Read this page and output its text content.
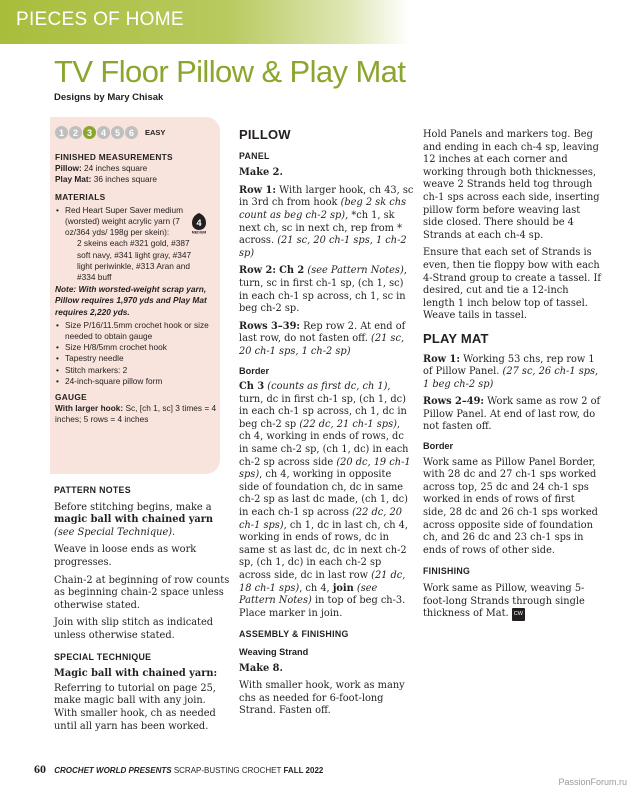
PIECES OF HOME
TV Floor Pillow & Play Mat
Designs by Mary Chisak
1 2 3 4 5 6	EASY
FINISHED MEASUREMENTS
Pillow: 24 inches square
Play Mat: 36 inches square
MATERIALS
• Red Heart Super Saver medium (worsted) weight acrylic yarn (7 oz/364 yds/ 198g per skein):
2 skeins each #321 gold, #387 soft navy, #341 light gray, #347 light periwinkle, #313 Aran and #334 buff
Note: With worsted-weight scrap yarn, Pillow requires 1,970 yds and Play Mat requires 2,220 yds.
• Size P/16/11.5mm crochet hook or size needed to obtain gauge
• Size H/8/5mm crochet hook
• Tapestry needle
• Stitch markers: 2
• 24-inch-square pillow form
GAUGE
With larger hook: Sc, [ch 1, sc] 3 times = 4 inches; 5 rows = 4 inches
4
MEDIUM
PATTERN NOTES

Before stitching begins, make a magic ball with chained yarn (see Special Technique).

Weave in loose ends as work progresses.

Chain-2 at beginning of row counts as beginning chain-2 space unless otherwise stated.

Join with slip stitch as indicated unless otherwise stated.

SPECIAL TECHNIQUE

Magic ball with chained yarn:

Referring to tutorial on page 25, make magic ball with any join. With smaller hook, ch as needed until all yarn has been worked.

PILLOW
PANEL

Make 2.

Row 1: With larger hook, ch 43, sc in 3rd ch from hook (beg 2 sk chs count as beg ch-2 sp), *ch 1, sk next ch, sc in next ch, rep from * across. (21 sc, 20 ch-1 sps, 1 ch-2 sp)

Row 2: Ch 2 (see Pattern Notes), turn, sc in first ch-1 sp, (ch 1, sc) in each ch-1 sp across, ch 1, sc in beg ch-2 sp.

Rows 3–39: Rep row 2. At end of last row, do not fasten off. (21 sc, 20 ch-1 sps, 1 ch-2 sp)

Border

Ch 3 (counts as first dc, ch 1), turn, dc in first ch-1 sp, (ch 1, dc) in each ch-1 sp across, ch 1, dc in beg ch-2 sp (22 dc, 21 ch-1 sps), ch 4, working in ends of rows, dc in same ch-2 sp, (ch 1, dc) in each ch-2 sp across side (20 dc, 19 ch-1 sps), ch 4, working in opposite side of foundation ch, dc in same ch-2 sp as last dc made, (ch 1, dc) in each ch-1 sp across (22 dc, 20 ch-1 sps), ch 1, dc in last ch, ch 4, working in ends of rows, dc in same st as last dc, dc in next ch-2 sp, (ch 1, dc) in each ch-2 sp across side, dc in last row (21 dc, 18 ch-1 sps), ch 4, join (see Pattern Notes) in top of beg ch-3. Place marker in join.

ASSEMBLY & FINISHING
Weaving Strand

Make 8.

With smaller hook, work as many chs as needed for 6-foot-long Strand. Fasten off.

Hold Panels and markers tog. Beg and ending in each ch-4 sp, leaving 12 inches at each corner and working through both thicknesses, weave 2 Strands held tog through ch-1 sps across each side, inserting pillow form before weaving last side closed. There should be 4 Strands at each ch-4 sp.

Ensure that each set of Strands is even, then tie floppy bow with each 4-Strand group to create a tassel. If desired, cut and tie a 12-inch length 1 inch below top of tassel. Weave tails in tassel.

PLAY MAT

Row 1: Working 53 chs, rep row 1 of Pillow Panel. (27 sc, 26 ch-1 sps, 1 beg ch-2 sp)

Rows 2–49: Work same as row 2 of Pillow Panel. At end of last row, do not fasten off.

Border

Work same as Pillow Panel Border, with 28 dc and 27 ch-1 sps worked across top, 25 dc and 24 ch-1 sps worked in ends of rows of first side, 28 dc and 26 ch-1 sps worked across opposite side of foundation ch, and 26 dc and 23 ch-1 sps in ends of rows of other side.

FINISHING

Work same as Pillow, weaving 5-foot-long Strands through single thickness of Mat. CW

60 CROCHET WORLD PRESENTS SCRAP-BUSTING CROCHET FALL 2022
PassionForum.ru
